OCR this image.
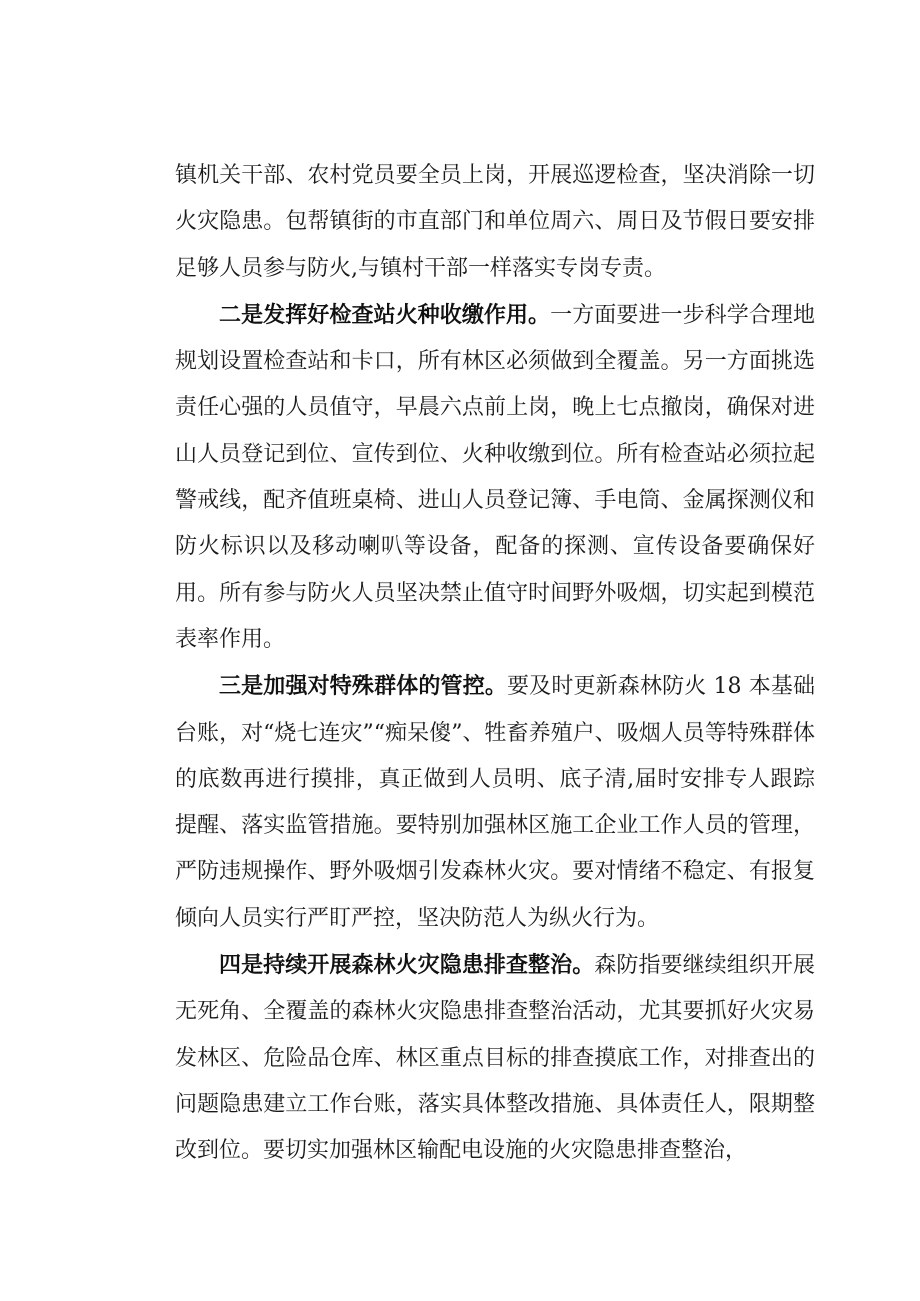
镇机关干部、农村党员要全员上岗，开展巡逻检查，坚决消除一切火灾隐患。包帮镇街的市直部门和单位周六、周日及节假日要安排足够人员参与防火,与镇村干部一样落实专岗专责。

二是发挥好检查站火种收缴作用。一方面要进一步科学合理地规划设置检查站和卡口，所有林区必须做到全覆盖。另一方面挑选责任心强的人员值守，早晨六点前上岗，晚上七点撤岗，确保对进山人员登记到位、宣传到位、火种收缴到位。所有检查站必须拉起警戒线，配齐值班桌椅、进山人员登记簿、手电筒、金属探测仪和防火标识以及移动喇叭等设备，配备的探测、宣传设备要确保好用。所有参与防火人员坚决禁止值守时间野外吸烟，切实起到模范表率作用。

三是加强对特殊群体的管控。要及时更新森林防火 18 本基础台账，对“烧七连灾”“痴呆傻”、牲畜养殖户、吸烟人员等特殊群体的底数再进行摸排，真正做到人员明、底子清,届时安排专人跟踪提醒、落实监管措施。要特别加强林区施工企业工作人员的管理，严防违规操作、野外吸烟引发森林火灾。要对情绪不稳定、有报复倾向人员实行严盯严控，坚决防范人为纵火行为。

四是持续开展森林火灾隐患排查整治。森防指要继续组织开展无死角、全覆盖的森林火灾隐患排查整治活动，尤其要抓好火灾易发林区、危险品仓库、林区重点目标的排查摸底工作，对排查出的问题隐患建立工作台账，落实具体整改措施、具体责任人，限期整改到位。要切实加强林区输配电设施的火灾隐患排查整治，
